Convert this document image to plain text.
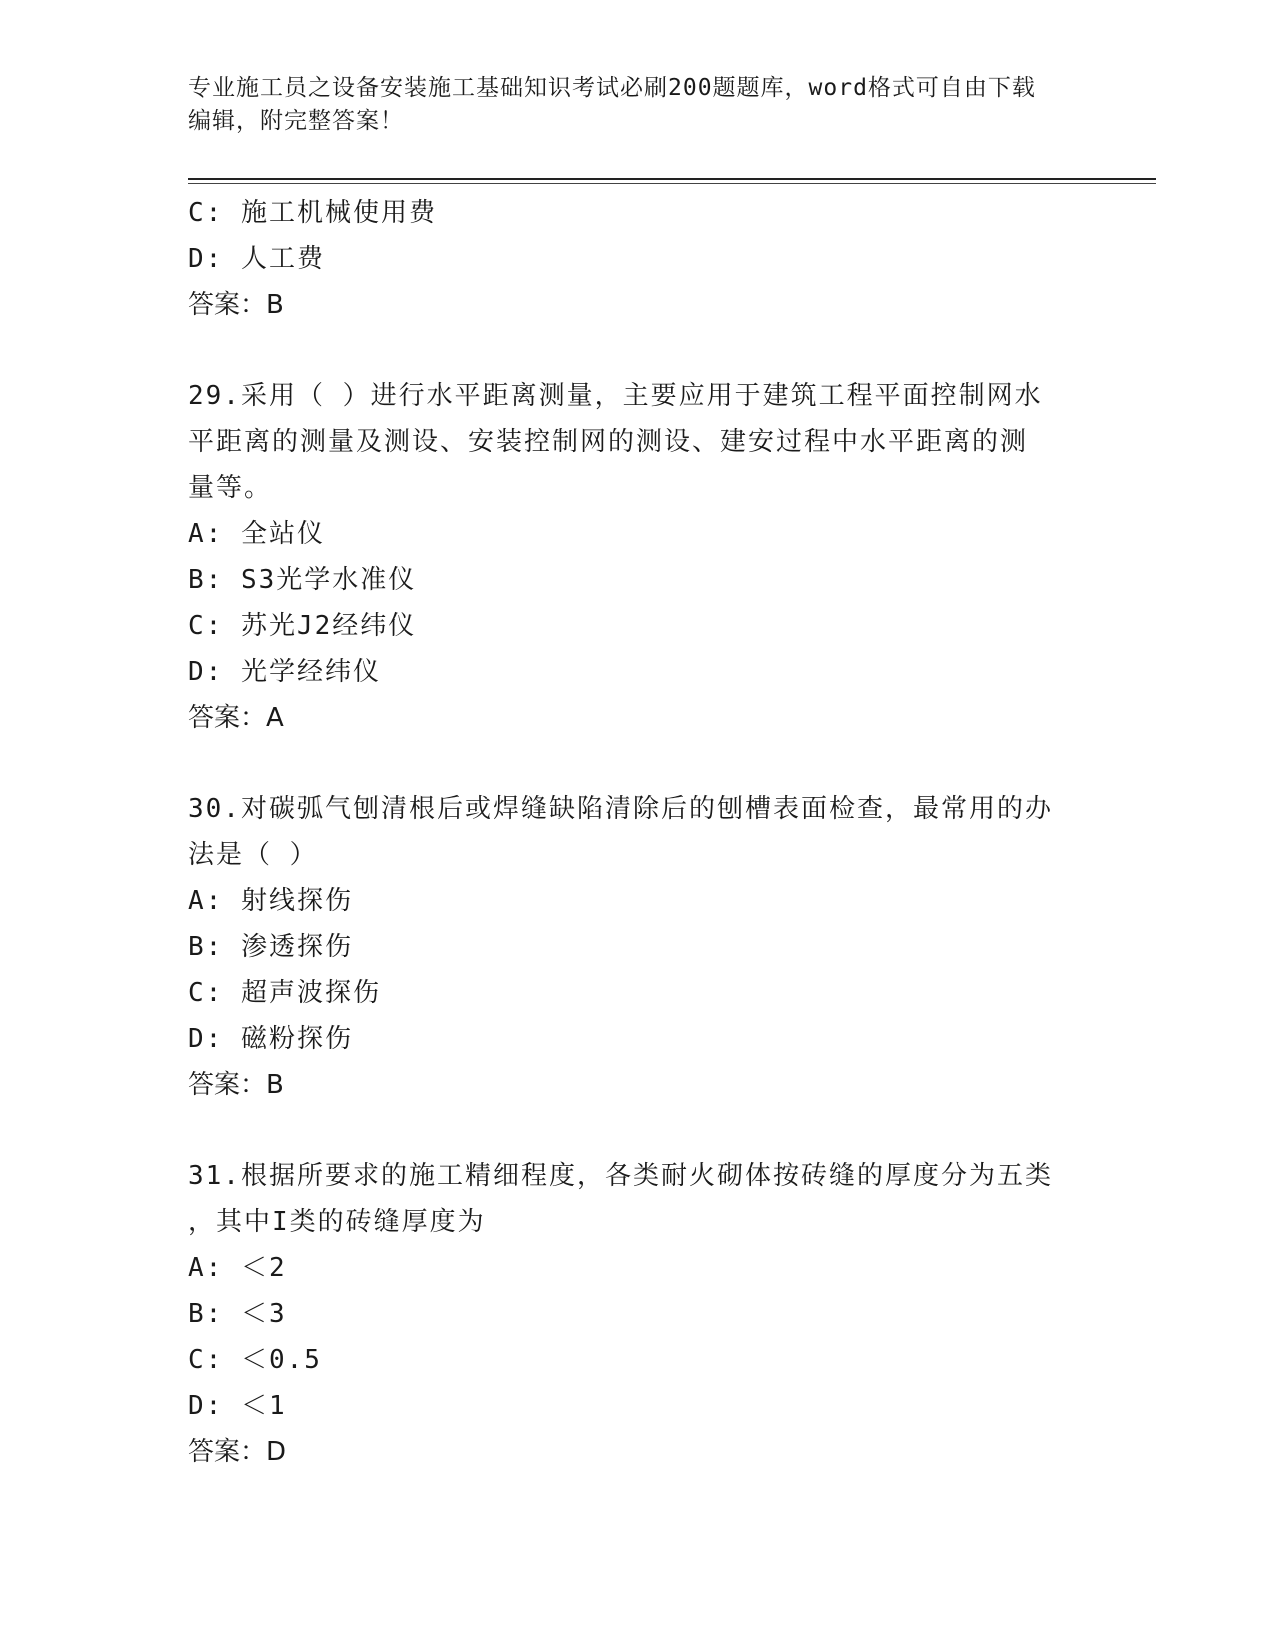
专业施工员之设备安装施工基础知识考试必刷200题题库，word格式可自由下载
编辑，附完整答案！
C: 施工机械使用费
D: 人工费
答案：B
29.采用（ ）进行水平距离测量，主要应用于建筑工程平面控制网水
平距离的测量及测设、安装控制网的测设、建安过程中水平距离的测
量等。
A: 全站仪
B: S3光学水准仪
C: 苏光J2经纬仪
D: 光学经纬仪
答案：A
30.对碳弧气刨清根后或焊缝缺陷清除后的刨槽表面检查，最常用的办
法是（ ）
A: 射线探伤
B: 渗透探伤
C: 超声波探伤
D: 磁粉探伤
答案：B
31.根据所要求的施工精细程度，各类耐火砌体按砖缝的厚度分为五类
，其中I类的砖缝厚度为
A: ＜2
B: ＜3
C: ＜0.5
D: ＜1
答案：D
